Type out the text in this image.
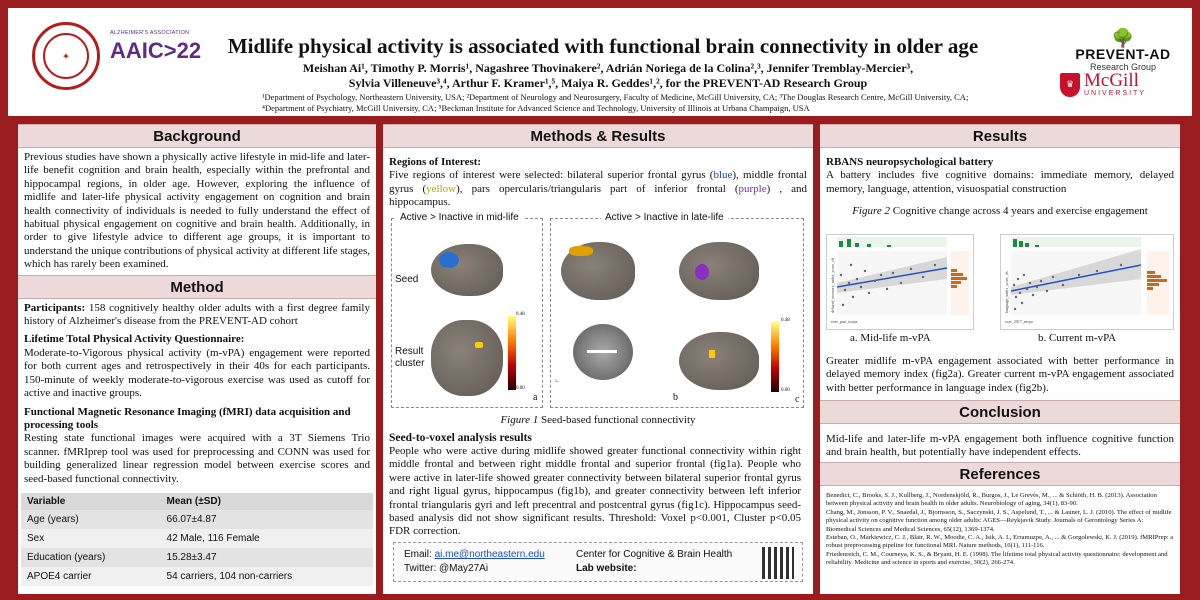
✦
ALZHEIMER'S ASSOCIATION
AAIC>22	Midlife physical activity is associated with functional brain connectivity in older age
Meishan Ai¹, Timothy P. Morris¹, Nagashree Thovinakere², Adrián Noriega de la Colina²,³, Jennifer Tremblay-Mercier³,
Sylvia Villeneuve³,⁴, Arthur F. Kramer¹,⁵, Maiya R. Geddes¹,², for the PREVENT-AD Research Group
¹Department of Psychology, Northeastern University, USA; ²Department of Neurology and Neurosurgery, Faculty of Medicine, McGill University, CA; ³The Douglas Research Centre, McGill University, CA; ⁴Department of Psychiatry, McGill University, CA; ⁵Beckman Institute for Advanced Science and Technology, University of Illinois at Urbana Champaign, USA
🌳
PREVENT-AD
Research Group
♛ McGill
UNIVERSITY
Background
Previous studies have shown a physically active lifestyle in mid-life and later-life benefit cognition and brain health, especially within the prefrontal and hippocampal regions, in older age. However, exploring the influence of midlife and later-life physical activity engagement on cognition and brain health connectivity of individuals is needed to fully understand the effect of habitual physical engagement on cognitive and brain health. Additionally, in order to give lifestyle advice to different age groups, it is important to understand the unique contributions of physical activity at different life stages, which has rarely been examined.
Method
Participants: 158 cognitively healthy older adults with a first degree family history of Alzheimer's disease from the PREVENT-AD cohort
Lifetime Total Physical Activity Questionnaire:
Moderate-to-Vigorous physical activity (m-vPA) engagement were reported for both current ages and retrospectively in their 40s for each participants. 150-minute of weekly moderate-to-vigorous exercise was used as cutoff for active and inactive groups.
Functional Magnetic Resonance Imaging (fMRI) data acquisition and processing tools
Resting state functional images were acquired with a 3T Siemens Trio scanner. fMRIprep tool was used for preprocessing and CONN was used for building generalized linear regression model between exercise scores and seed-based functional connectivity.
Variable	Mean (±SD)
Age (years)	66.07±4.87
Sex	42 Male, 116 Female
Education (years)	15.28±3.47
APOE4 carrier	54 carriers, 104 non-carriers
Methods & Results
Regions of Interest:
Five regions of interest were selected: bilateral superior frontal gyrus (blue), middle frontal gyrus (yellow), pars opercularis/triangularis part of inferior frontal (purple) , and hippocampus.
Active > Inactive in mid-life	Active > Inactive in late-life
Seed
Result cluster
0.48
0.00
a
⌞
b
0.48
0.00
c
Figure 1 Seed-based functional connectivity
Seed-to-voxel analysis results
People who were active during midlife showed greater functional connectivity within right middle frontal and between right middle frontal and superior frontal (fig1a). People who were active in later-life showed greater connectivity between bilateral superior frontal gyrus and right ligual gyrus, hippocampus (fig1b), and greater connectivity between left inferior frontal triangularis gyri and left precentral and postcentral gyrus (fig1c). Hippocampus seed-based analysis did not show significant results. Threshold: Voxel p<0.001, Cluster p<0.05 FDR correction.
Email: ai.me@northeastern.edu
Twitter: @May27Ai
Center for Cognitive & Brain Health
Lab website:
Results
RBANS neuropsychological battery
A battery includes five cognitive domains: immediate memory, delayed memory, language, attention, visuospatial construction
Figure 2 Cognitive change across 4 years and exercise engagement
exer_past_mvpa
delayed_memory_index_score_ch
a. Mid-life m-vPA
exer_2017_mvpa
language_index_score_ch
b. Current m-vPA
Greater midlife m-vPA engagement associated with better performance in delayed memory index (fig2a). Greater current m-vPA engagement associated with better performance in language index (fig2b).
Conclusion
Mid-life and later-life m-vPA engagement both influence cognitive function and brain health, but potentially have independent effects.
References
Benedict, C., Brooks, S. J., Kullberg, J., Nordenskjöld, R., Burgos, J., Le Grevès, M., ... & Schiöth, H. B. (2013). Association between physical activity and brain health in older adults. Neurobiology of aging, 34(1), 83-90.
Chang, M., Jonsson, P. V., Snaedal, J., Bjornsson, S., Saczynski, J. S., Aspelund, T., ... & Launer, L. J. (2010). The effect of midlife physical activity on cognitive function among older adults: AGES—Reykjavik Study. Journals of Gerontology Series A: Biomedical Sciences and Medical Sciences, 65(12), 1369-1374.
Esteban, O., Markiewicz, C. J., Blair, R. W., Moodie, C. A., Isik, A. I., Erramuzpe, A., ... & Gorgolewski, K. J. (2019). fMRIPrep: a robust preprocessing pipeline for functional MRI. Nature methods, 16(1), 111-116.
Friedenreich, C. M., Courneya, K. S., & Bryant, H. E. (1998). The lifetime total physical activity questionnaire: development and reliability. Medicine and science in sports and exercise, 30(2), 266-274.
